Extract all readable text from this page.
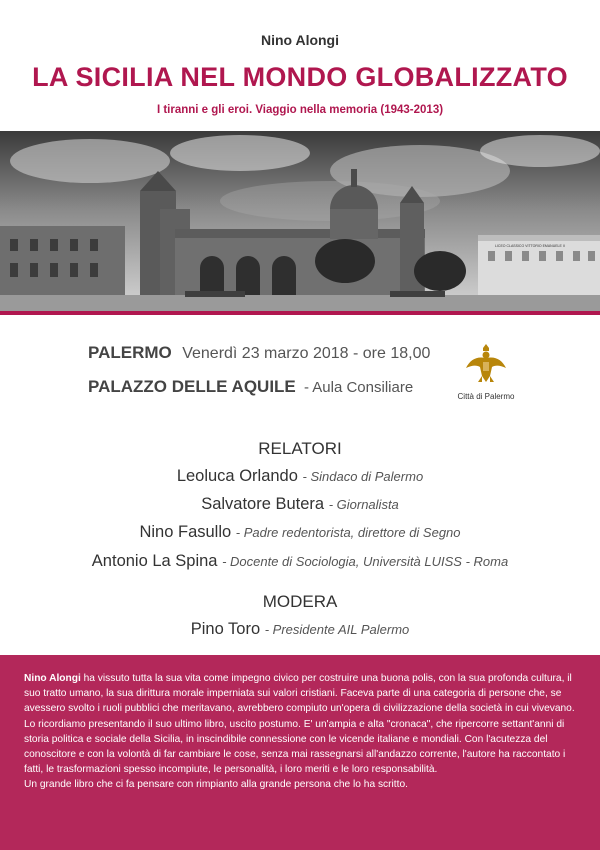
Nino Alongi
LA SICILIA NEL MONDO GLOBALIZZATO
I tiranni e gli eroi. Viaggio nella memoria (1943-2013)
LICEO CLASSICO VITTORIO EMANUELE II
PALERMO Venerdì 23 marzo 2018 - ore 18,00
PALAZZO DELLE AQUILE - Aula Consiliare
Città di Palermo
RELATORI
Leoluca Orlando - Sindaco di Palermo
Salvatore Butera - Giornalista
Nino Fasullo - Padre redentorista, direttore di Segno
Antonio La Spina - Docente di Sociologia, Università LUISS - Roma
MODERA
Pino Toro - Presidente AIL Palermo

Nino Alongi ha vissuto tutta la sua vita come impegno civico per costruire una buona polis, con la sua profonda cultura, il suo tratto umano, la sua dirittura morale imperniata sui valori cristiani. Faceva parte di una categoria di persone che, se avessero svolto i ruoli pubblici che meritavano, avrebbero compiuto un'opera di civilizzazione della società in cui vivevano. Lo ricordiamo presentando il suo ultimo libro, uscito postumo. E' un'ampia e alta "cronaca", che ripercorre settant'anni di storia politica e sociale della Sicilia, in inscindibile connessione con le vicende italiane e mondiali. Con l'acutezza del conoscitore e con la volontà di far cambiare le cose, senza mai rassegnarsi all'andazzo corrente, l'autore ha raccontato i fatti, le trasformazioni spesso incompiute, le personalità, i loro meriti e le loro responsabilità.

Un grande libro che ci fa pensare con rimpianto alla grande persona che lo ha scritto.
